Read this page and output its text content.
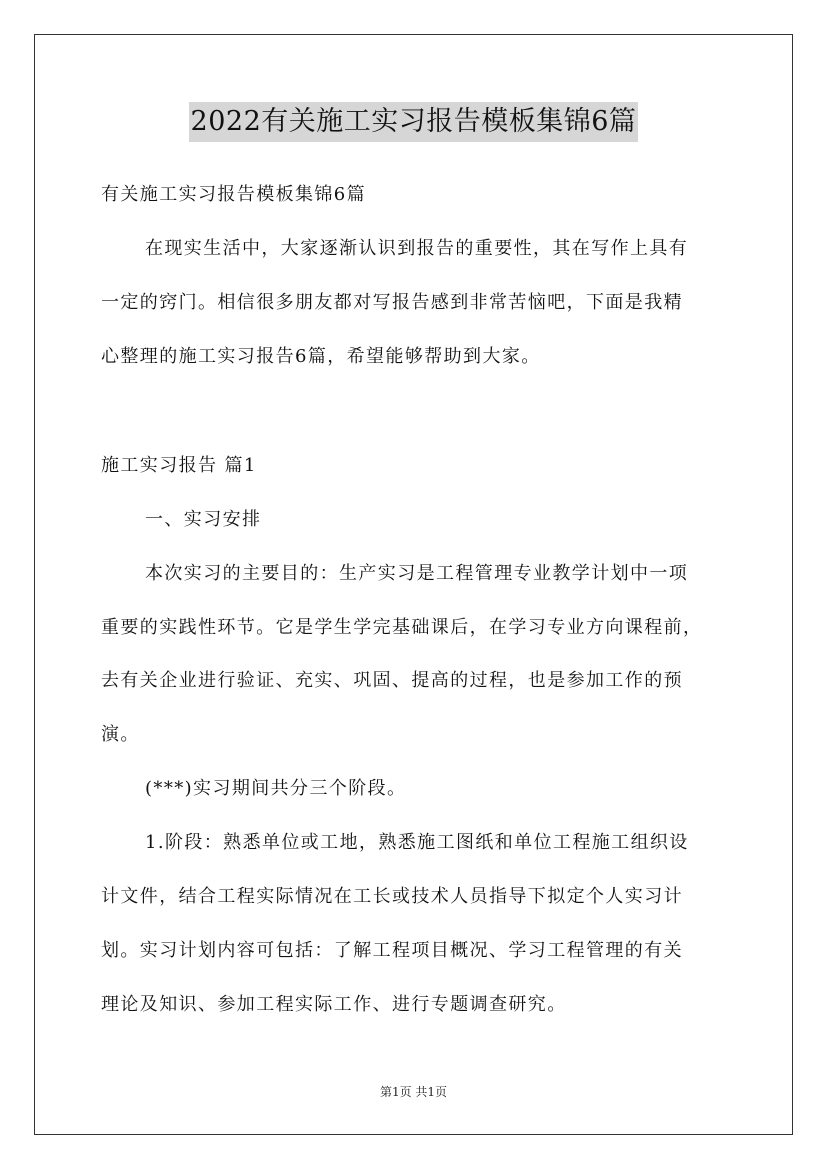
2022有关施工实习报告模板集锦6篇
有关施工实习报告模板集锦6篇
在现实生活中，大家逐渐认识到报告的重要性，其在写作上具有
一定的窍门。相信很多朋友都对写报告感到非常苦恼吧，下面是我精
心整理的施工实习报告6篇，希望能够帮助到大家。
施工实习报告 篇1
一、实习安排
本次实习的主要目的：生产实习是工程管理专业教学计划中一项
重要的实践性环节。它是学生学完基础课后，在学习专业方向课程前，
去有关企业进行验证、充实、巩固、提高的过程，也是参加工作的预
演。
(***)实习期间共分三个阶段。
1.阶段：熟悉单位或工地，熟悉施工图纸和单位工程施工组织设
计文件，结合工程实际情况在工长或技术人员指导下拟定个人实习计
划。实习计划内容可包括：了解工程项目概况、学习工程管理的有关
理论及知识、参加工程实际工作、进行专题调查研究。
第1页 共1页
